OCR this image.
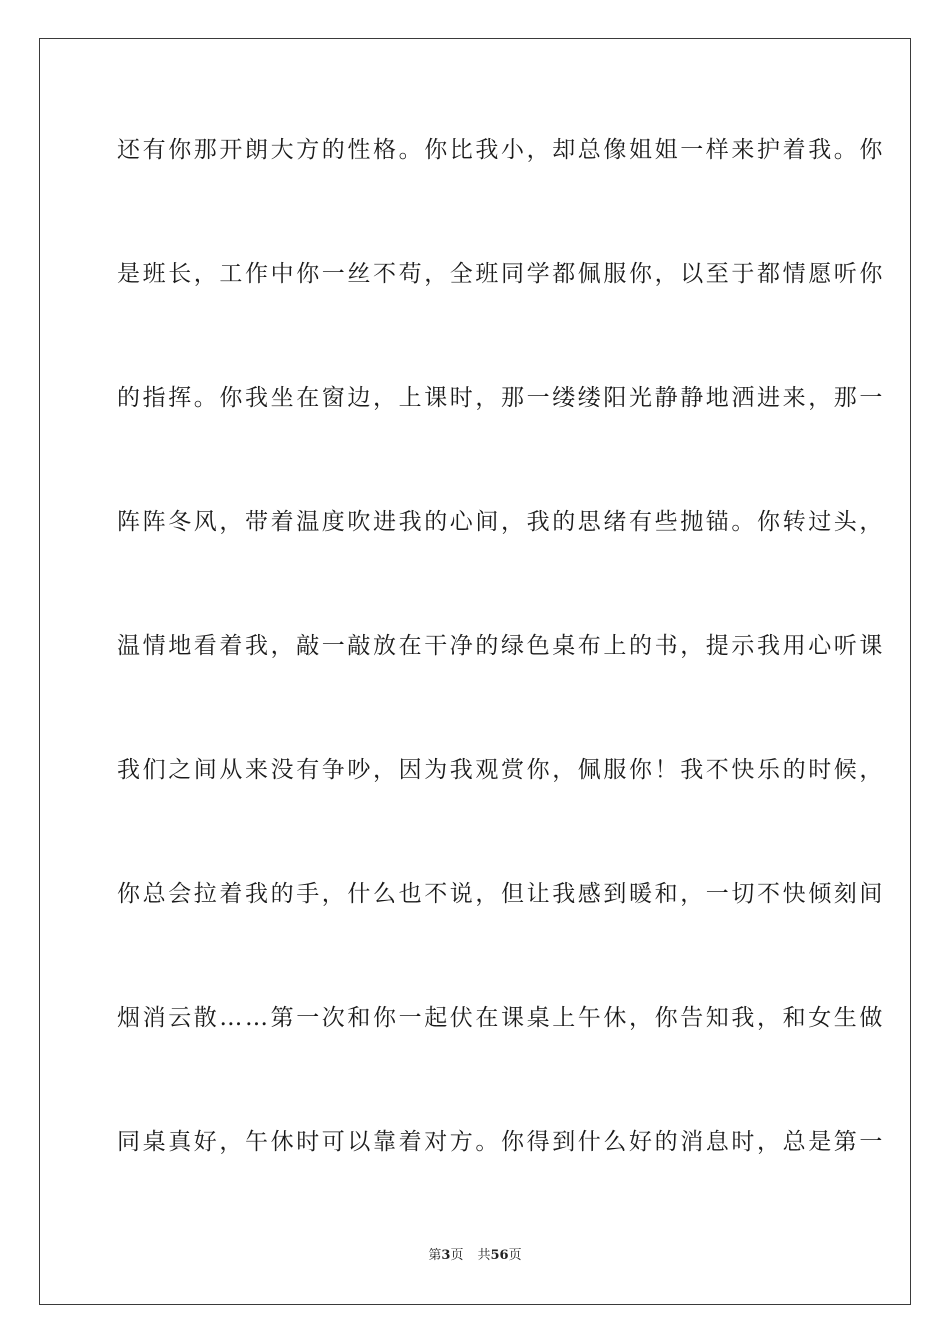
还有你那开朗大方的性格。你比我小，却总像姐姐一样来护着我。你
是班长，工作中你一丝不苟，全班同学都佩服你，以至于都情愿听你
的指挥。你我坐在窗边，上课时，那一缕缕阳光静静地洒进来，那一
阵阵冬风，带着温度吹进我的心间，我的思绪有些抛锚。你转过头，
温情地看着我，敲一敲放在干净的绿色桌布上的书，提示我用心听课
我们之间从来没有争吵，因为我观赏你，佩服你！我不快乐的时候，
你总会拉着我的手，什么也不说，但让我感到暖和，一切不快倾刻间
烟消云散……第一次和你一起伏在课桌上午休，你告知我，和女生做
同桌真好，午休时可以靠着对方。你得到什么好的消息时，总是第一
第3页 共56页
